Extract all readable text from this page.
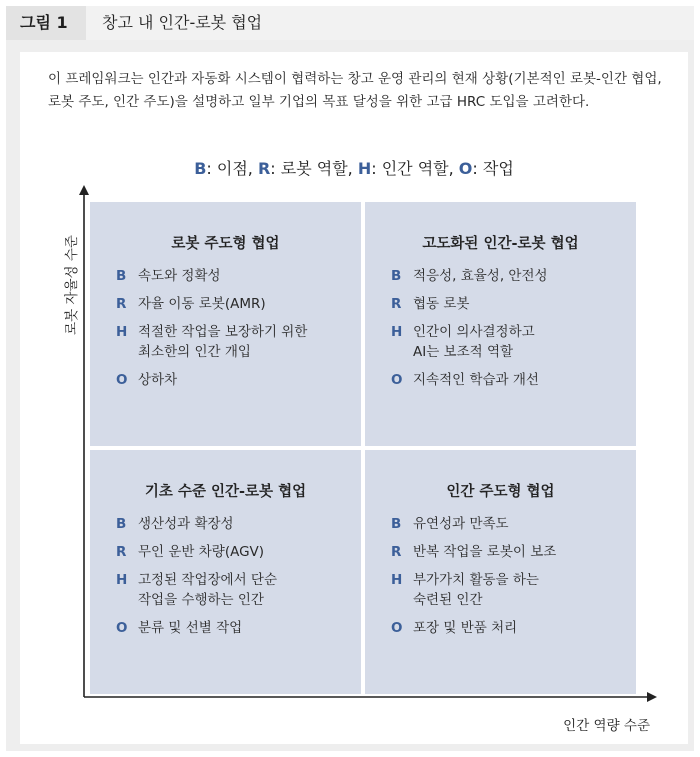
그림 1	창고 내 인간-로봇 협업

이 프레임워크는 인간과 자동화 시스템이 협력하는 창고 운영 관리의 현재 상황(기본적인 로봇-인간 협업, 로봇 주도, 인간 주도)을 설명하고 일부 기업의 목표 달성을 위한 고급 HRC 도입을 고려한다.

B: 이점, R: 로봇 역할, H: 인간 역할, O: 작업
로봇 주도형 협업
B 속도와 정확성
R 자율 이동 로봇(AMR)
H 적절한 작업을 보장하기 위한
최소한의 인간 개입
O 상하차
고도화된 인간-로봇 협업
B 적응성, 효율성, 안전성
R 협동 로봇
H 인간이 의사결정하고
AI는 보조적 역할
O 지속적인 학습과 개선
기초 수준 인간-로봇 협업
B 생산성과 확장성
R 무인 운반 차량(AGV)
H 고정된 작업장에서 단순
작업을 수행하는 인간
O 분류 및 선별 작업
인간 주도형 협업
B 유연성과 만족도
R 반복 작업을 로봇이 보조
H 부가가치 활동을 하는
숙련된 인간
O 포장 및 반품 처리
로봇 자율성 수준
인간 역량 수준
